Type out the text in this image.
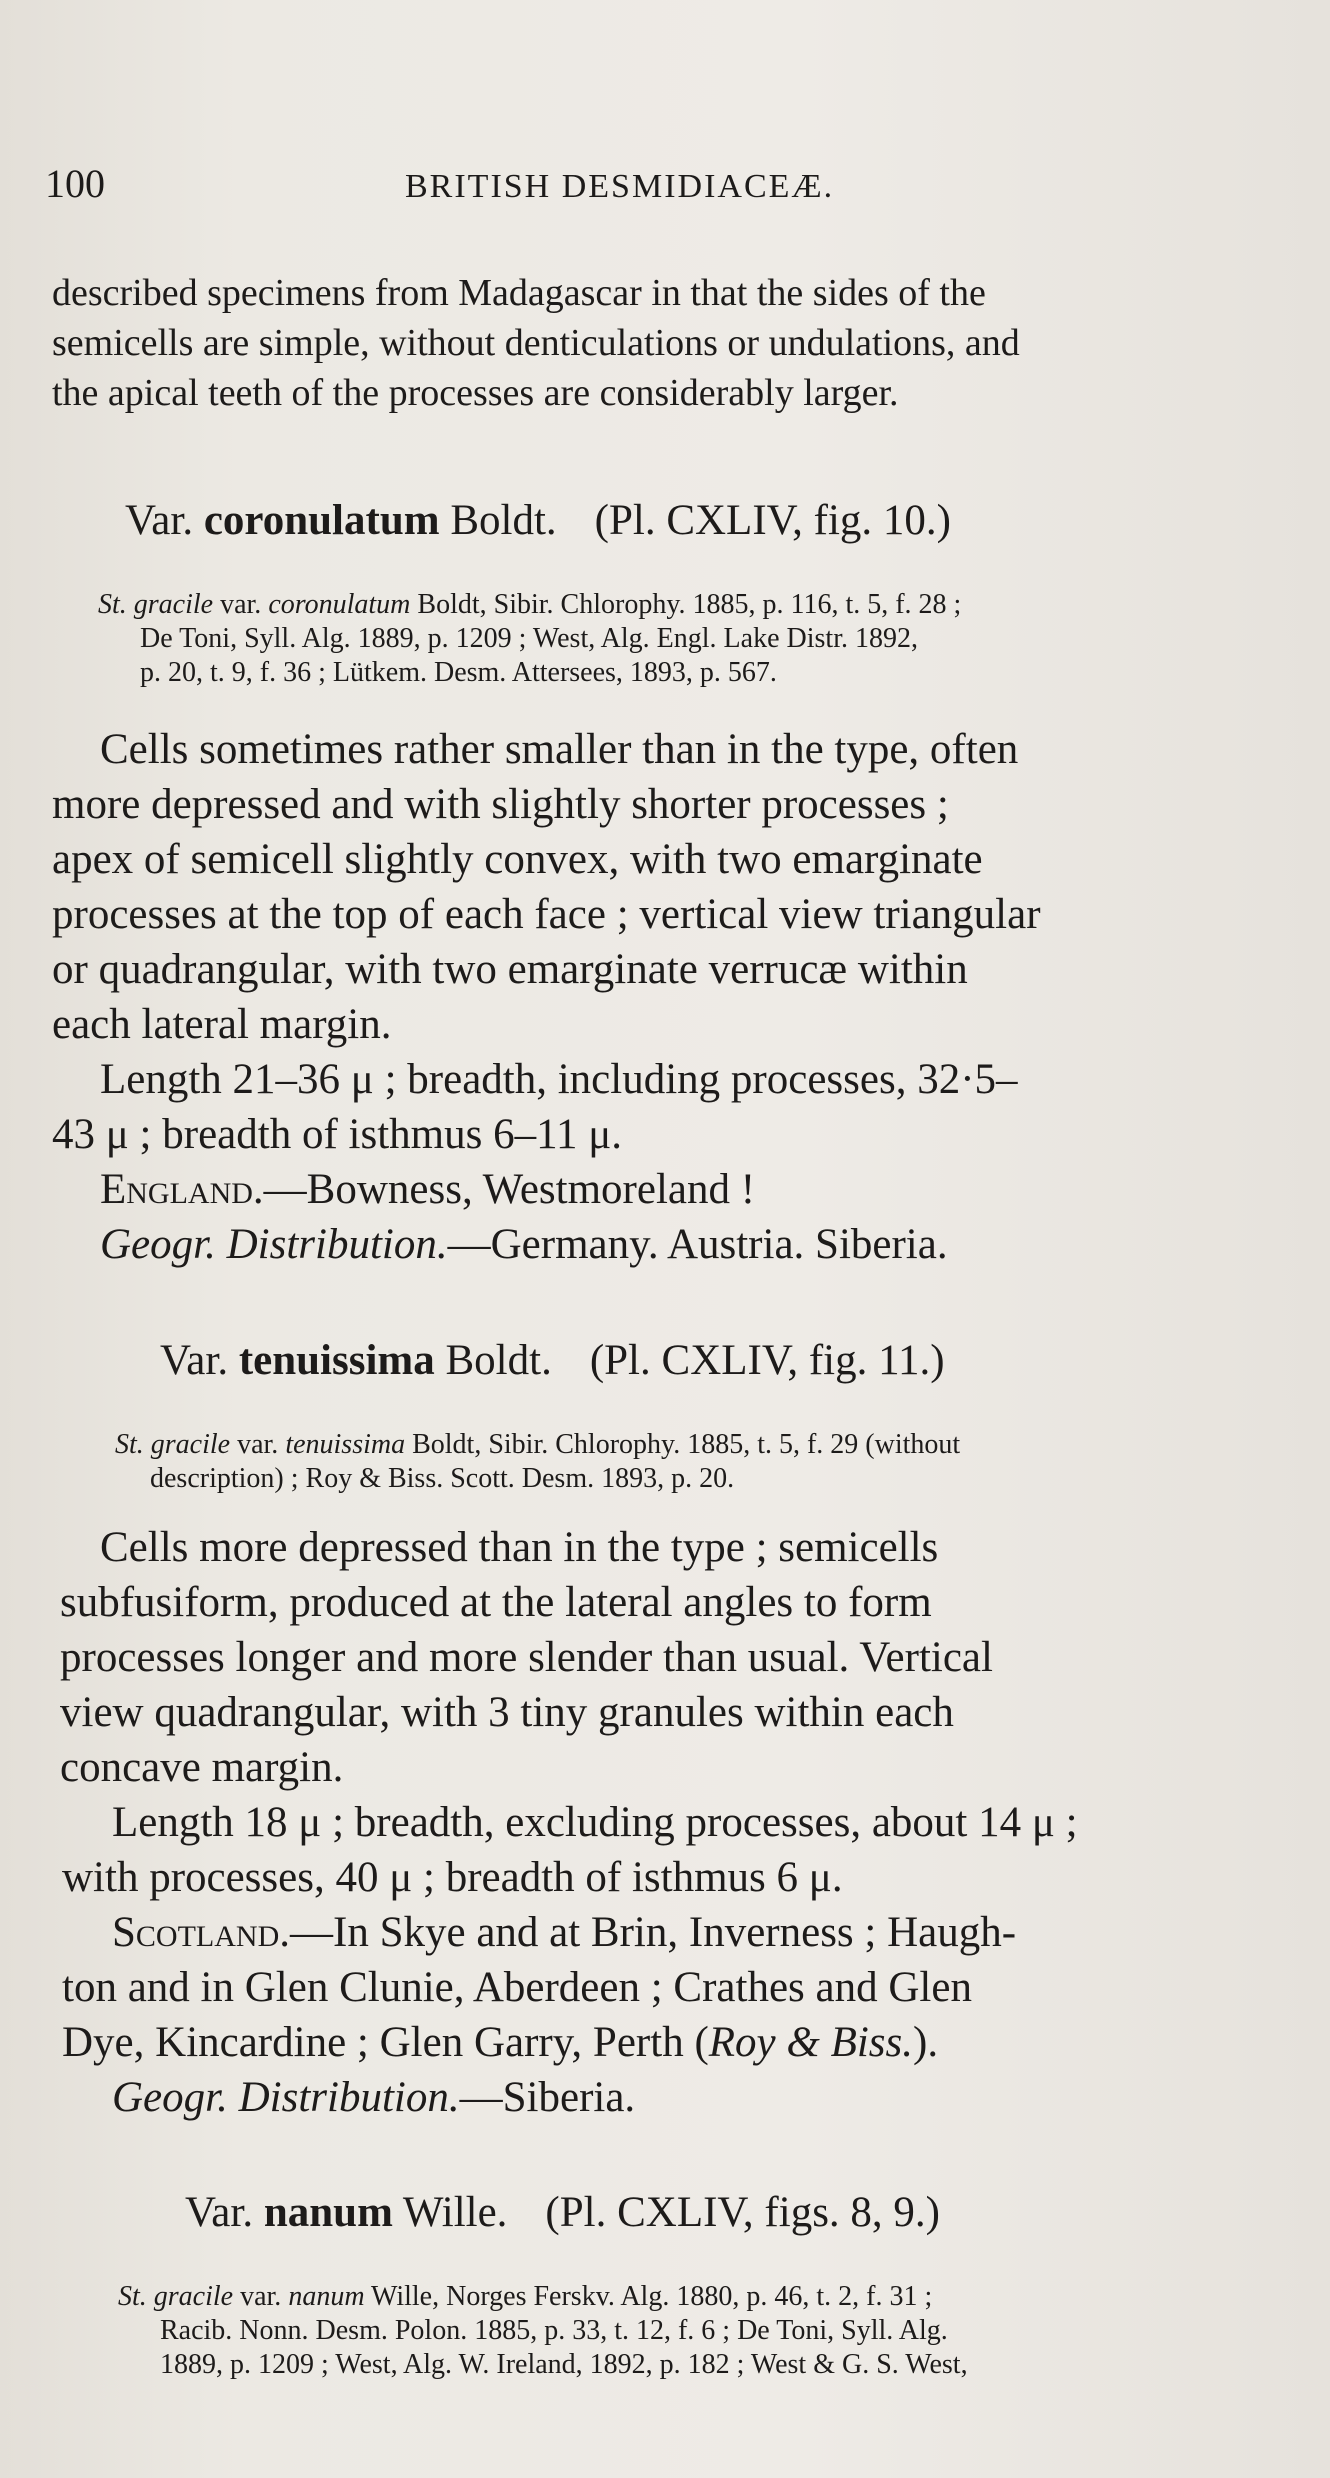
100	BRITISH DESMIDIACEÆ.
described specimens from Madagascar in that the sides of the
semicells are simple, without denticulations or undulations, and
the apical teeth of the processes are considerably larger.
Var. coronulatum Boldt. (Pl. CXLIV, fig. 10.)
St. gracile var. coronulatum Boldt, Sibir. Chlorophy. 1885, p. 116, t. 5, f. 28 ;
De Toni, Syll. Alg. 1889, p. 1209 ; West, Alg. Engl. Lake Distr. 1892,
p. 20, t. 9, f. 36 ; Lütkem. Desm. Attersees, 1893, p. 567.
Cells sometimes rather smaller than in the type, often
more depressed and with slightly shorter processes ;
apex of semicell slightly convex, with two emarginate
processes at the top of each face ; vertical view triangular
or quadrangular, with two emarginate verrucæ within
each lateral margin.
Length 21–36 μ ; breadth, including processes, 32·5–
43 μ ; breadth of isthmus 6–11 μ.
England.—Bowness, Westmoreland !
Geogr. Distribution.—Germany. Austria. Siberia.
Var. tenuissima Boldt. (Pl. CXLIV, fig. 11.)
St. gracile var. tenuissima Boldt, Sibir. Chlorophy. 1885, t. 5, f. 29 (without
description) ; Roy & Biss. Scott. Desm. 1893, p. 20.
Cells more depressed than in the type ; semicells
subfusiform, produced at the lateral angles to form
processes longer and more slender than usual. Vertical
view quadrangular, with 3 tiny granules within each
concave margin.
Length 18 μ ; breadth, excluding processes, about 14 μ ;
with processes, 40 μ ; breadth of isthmus 6 μ.
Scotland.—In Skye and at Brin, Inverness ; Haugh-
ton and in Glen Clunie, Aberdeen ; Crathes and Glen
Dye, Kincardine ; Glen Garry, Perth (Roy & Biss.).
Geogr. Distribution.—Siberia.
Var. nanum Wille. (Pl. CXLIV, figs. 8, 9.)
St. gracile var. nanum Wille, Norges Ferskv. Alg. 1880, p. 46, t. 2, f. 31 ;
Racib. Nonn. Desm. Polon. 1885, p. 33, t. 12, f. 6 ; De Toni, Syll. Alg.
1889, p. 1209 ; West, Alg. W. Ireland, 1892, p. 182 ; West & G. S. West,
